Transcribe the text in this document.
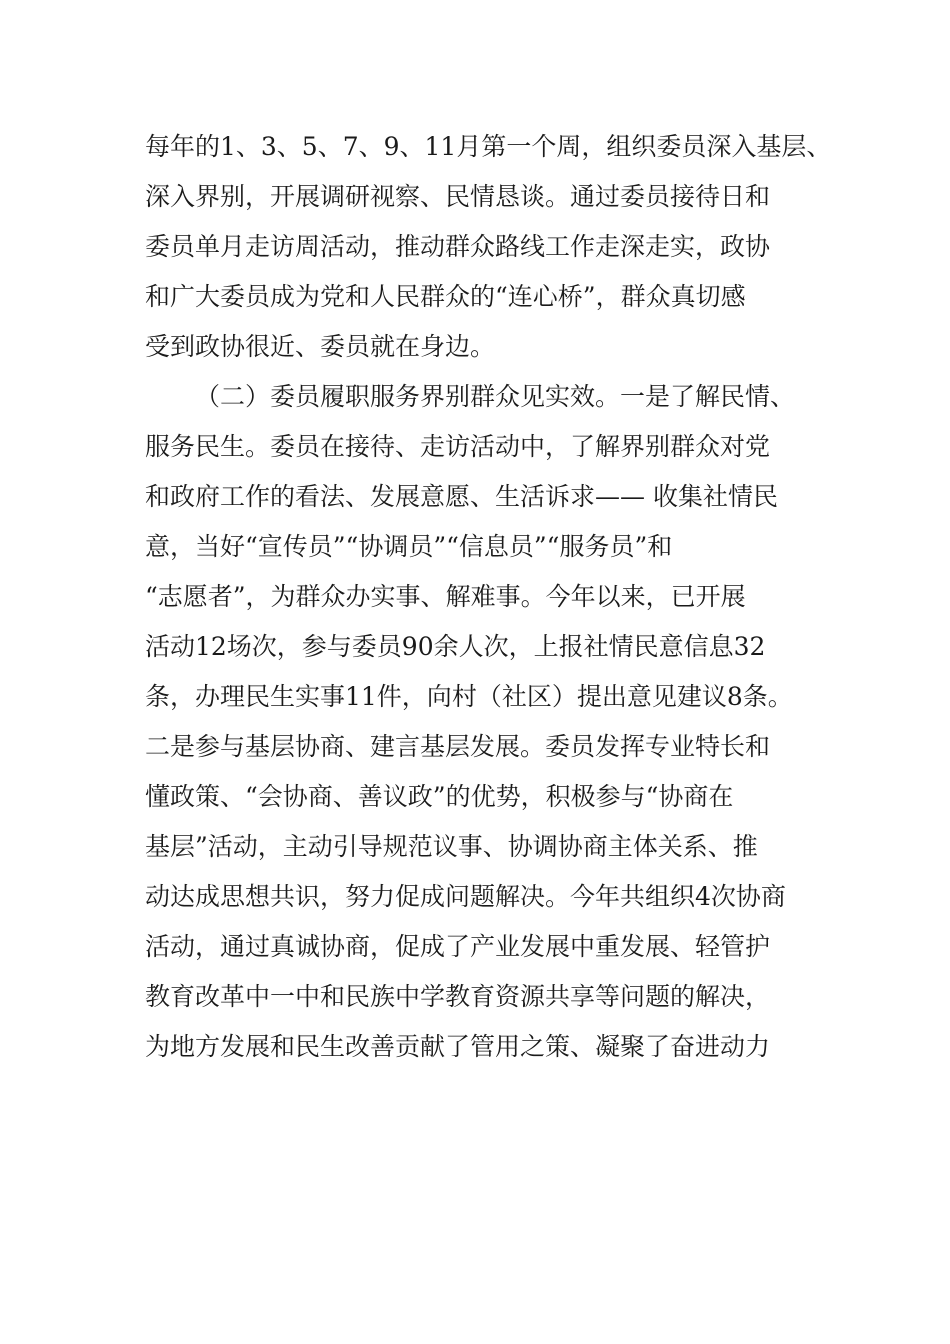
每年的1、3、5、7、9、11月第一个周，组织委员深入基层、
深入界别，开展调研视察、民情恳谈。通过委员接待日和
委员单月走访周活动，推动群众路线工作走深走实，政协
和广大委员成为党和人民群众的“连心桥”，群众真切感
受到政协很近、委员就在身边。
（二）委员履职服务界别群众见实效。一是了解民情、
服务民生。委员在接待、走访活动中，了解界别群众对党
和政府工作的看法、发展意愿、生活诉求—— 收集社情民
意，当好“宣传员”“协调员”“信息员”“服务员”和
“志愿者”，为群众办实事、解难事。今年以来，已开展
活动12场次，参与委员90余人次，上报社情民意信息32
条，办理民生实事11件，向村（社区）提出意见建议8条。
二是参与基层协商、建言基层发展。委员发挥专业特长和
懂政策、“会协商、善议政”的优势，积极参与“协商在
基层”活动，主动引导规范议事、协调协商主体关系、推
动达成思想共识，努力促成问题解决。今年共组织4次协商
活动，通过真诚协商，促成了产业发展中重发展、轻管护
教育改革中一中和民族中学教育资源共享等问题的解决，
为地方发展和民生改善贡献了管用之策、凝聚了奋进动力
